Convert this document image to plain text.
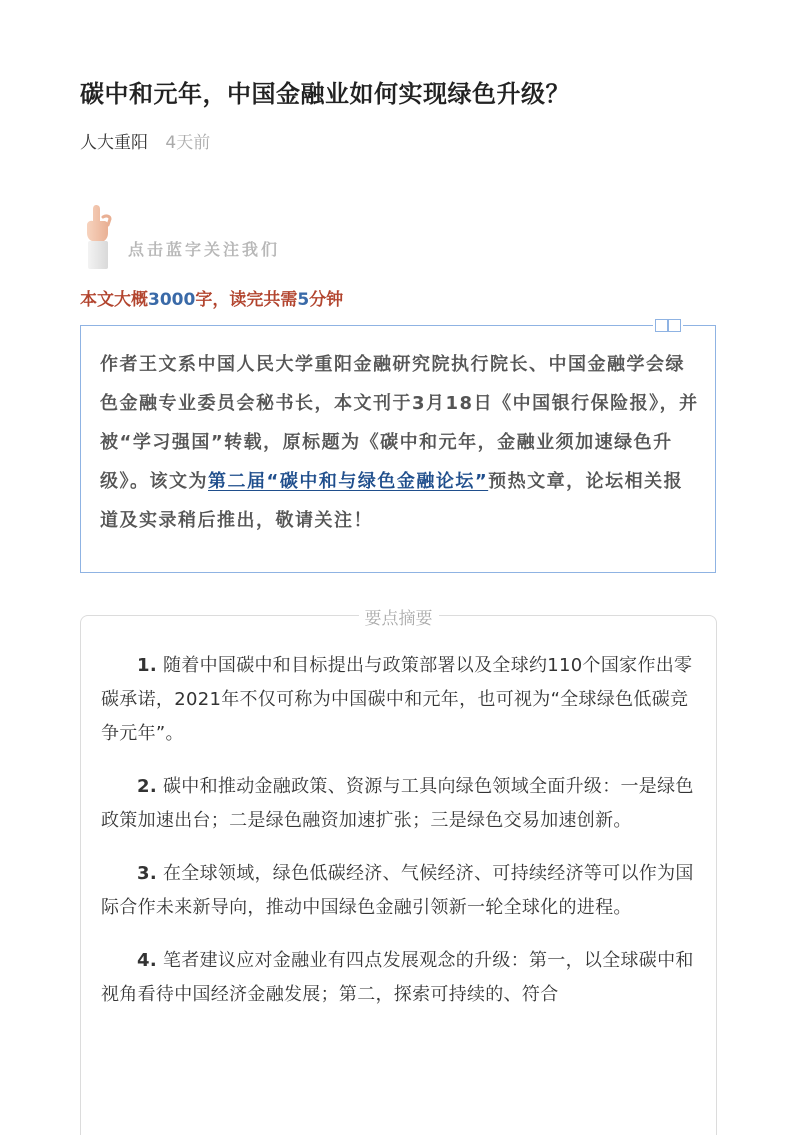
碳中和元年，中国金融业如何实现绿色升级？
人大重阳 4天前
点击蓝字关注我们
本文大概3000字，读完共需5分钟
作者王文系中国人民大学重阳金融研究院执行院长、中国金融学会绿色金融专业委员会秘书长，本文刊于3月18日《中国银行保险报》，并被“学习强国”转载，原标题为《碳中和元年，金融业须加速绿色升级》。该文为第二届“碳中和与绿色金融论坛”预热文章，论坛相关报道及实录稍后推出，敬请关注！
要点摘要

1. 随着中国碳中和目标提出与政策部署以及全球约110个国家作出零碳承诺，2021年不仅可称为中国碳中和元年，也可视为“全球绿色低碳竞争元年”。

2. 碳中和推动金融政策、资源与工具向绿色领域全面升级：一是绿色政策加速出台；二是绿色融资加速扩张；三是绿色交易加速创新。

3. 在全球领域，绿色低碳经济、气候经济、可持续经济等可以作为国际合作未来新导向，推动中国绿色金融引领新一轮全球化的进程。

4. 笔者建议应对金融业有四点发展观念的升级：第一，以全球碳中和视角看待中国经济金融发展；第二，探索可持续的、符合
